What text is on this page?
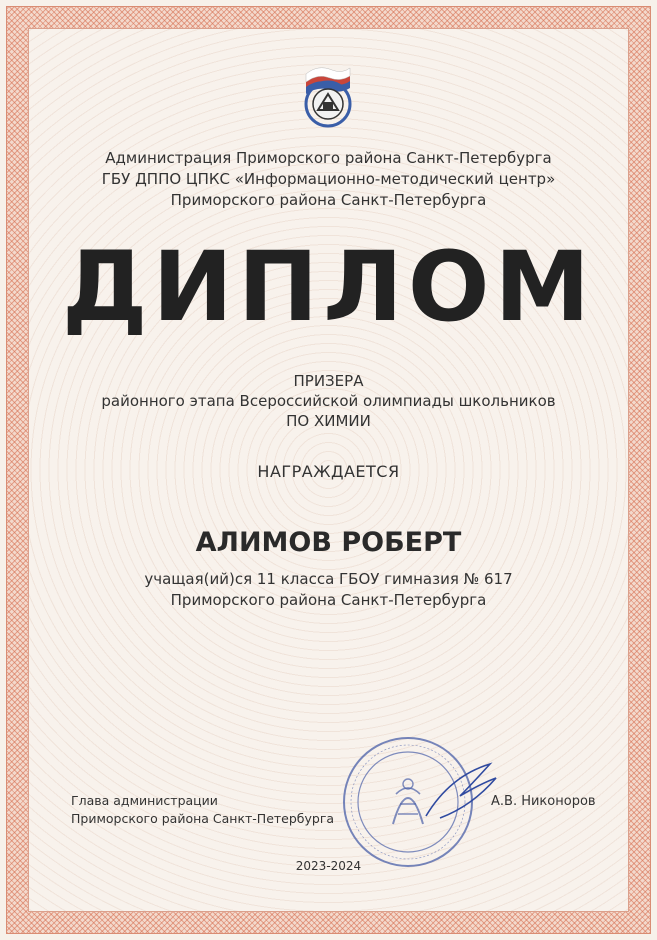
Администрация Приморского района Санкт-Петербурга
ГБУ ДППО ЦПКС «Информационно-методический центр»
Приморского района Санкт-Петербурга
ДИПЛОМ
ПРИЗЕРА
районного этапа Всероссийской олимпиады школьников
ПО ХИМИИ
НАГРАЖДАЕТСЯ
АЛИМОВ РОБЕРТ
учащая(ий)ся 11 класса ГБОУ гимназия № 617
Приморского района Санкт-Петербурга
Глава администрации
Приморского района Санкт-Петербурга
А.В. Никоноров
2023-2024
